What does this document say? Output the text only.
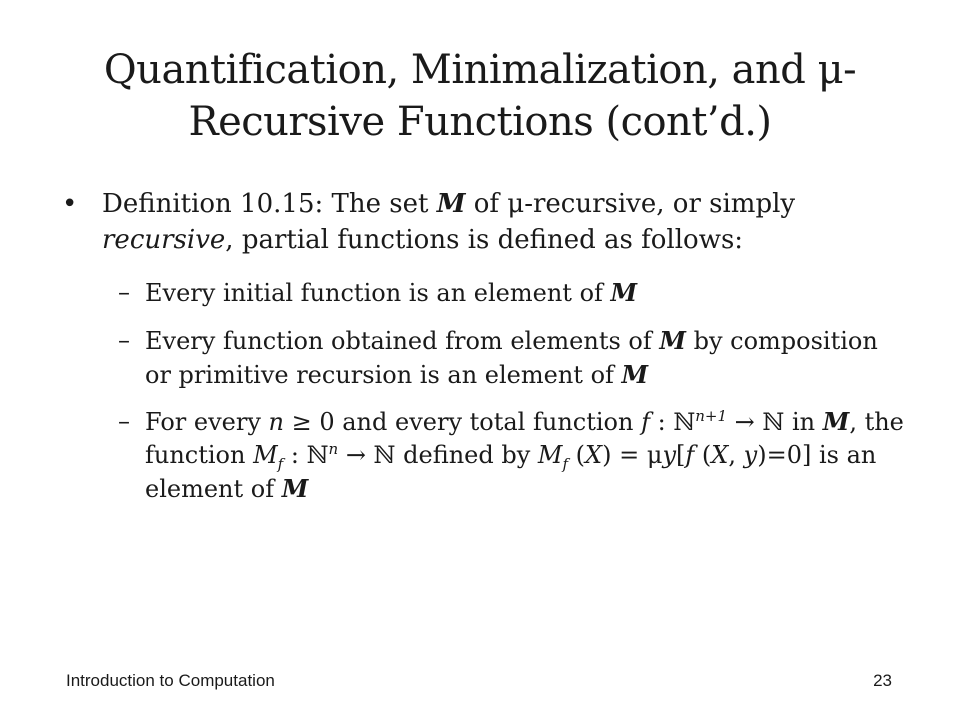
Quantification, Minimalization, and μ-
Recursive Functions (cont’d.)
• Definition 10.15: The set M of μ-recursive, or simply recursive, partial functions is defined as follows:
– Every initial function is an element of M
– Every function obtained from elements of M by composition or primitive recursion is an element of M
– For every n ≥ 0 and every total function f : ℕ$^{n+1}$ → ℕ in M, the function $M_f$ : ℕ$^n$ → ℕ defined by $M_f$ (X) = μy[f (X, y)=0] is an element of M
Introduction to Computation	23
